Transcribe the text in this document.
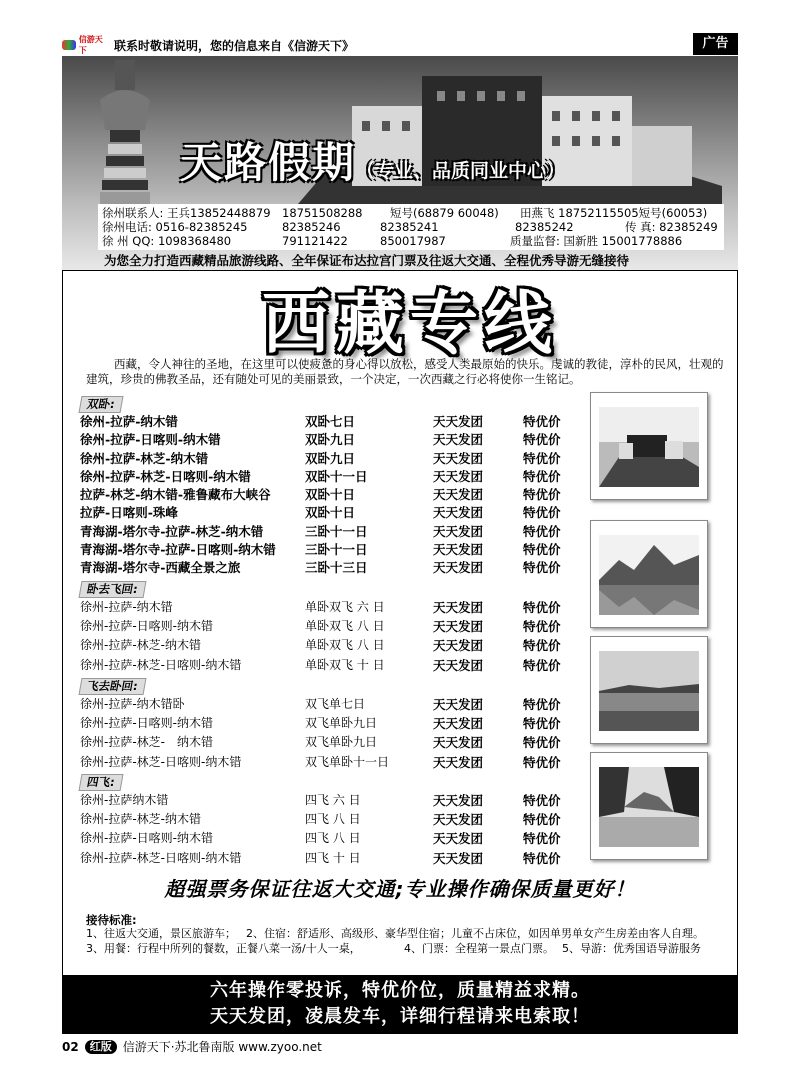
信游天下	联系时敬请说明，您的信息来自《信游天下》	广告
天路假期（专业、品质同业中心）
徐州联系人: 王兵13852448879 18751508288	短号(68879 60048)	田燕飞 18752115505短号(60053)
徐州电话: 0516-82385245	82385246	82385241	82385242	传 真: 82385249
徐 州 QQ: 1098368480	791121422	850017987	质量监督: 国新胜 15001778886
为您全力打造西藏精品旅游线路、全年保证布达拉宫门票及往返大交通、全程优秀导游无缝接待
西藏专线
西藏，令人神往的圣地，在这里可以使疲惫的身心得以放松，感受人类最原始的快乐。虔诚的教徒，淳朴的民风，壮观的建筑，珍贵的佛教圣品，还有随处可见的美丽景致，一个决定，一次西藏之行必将使你一生铭记。
双卧:
徐州-拉萨-纳木错	双卧七日	天天发团	特优价
徐州-拉萨-日喀则-纳木错	双卧九日	天天发团	特优价
徐州-拉萨-林芝-纳木错	双卧九日	天天发团	特优价
徐州-拉萨-林芝-日喀则-纳木错	双卧十一日	天天发团	特优价
拉萨-林芝-纳木错-雅鲁藏布大峡谷	双卧十日	天天发团	特优价
拉萨-日喀则-珠峰	双卧十日	天天发团	特优价
青海湖-塔尔寺-拉萨-林芝-纳木错	三卧十一日	天天发团	特优价
青海湖-塔尔寺-拉萨-日喀则-纳木错	三卧十一日	天天发团	特优价
青海湖-塔尔寺-西藏全景之旅	三卧十三日	天天发团	特优价
卧去飞回:
徐州-拉萨-纳木错	单卧双飞 六 日	天天发团	特优价
徐州-拉萨-日喀则-纳木错	单卧双飞 八 日	天天发团	特优价
徐州-拉萨-林芝-纳木错	单卧双飞 八 日	天天发团	特优价
徐州-拉萨-林芝-日喀则-纳木错	单卧双飞 十 日	天天发团	特优价
飞去卧回:
徐州-拉萨-纳木错卧	双飞单七日	天天发团	特优价
徐州-拉萨-日喀则-纳木错	双飞单卧九日	天天发团	特优价
徐州-拉萨-林芝-　纳木错	双飞单卧九日	天天发团	特优价
徐州-拉萨-林芝-日喀则-纳木错	双飞单卧十一日	天天发团	特优价
四飞:
徐州-拉萨纳木错	四飞 六 日	天天发团	特优价
徐州-拉萨-林芝-纳木错	四飞 八 日	天天发团	特优价
徐州-拉萨-日喀则-纳木错	四飞 八 日	天天发团	特优价
徐州-拉萨-林芝-日喀则-纳木错	四飞 十 日	天天发团	特优价
超强票务保证往返大交通;专业操作确保质量更好！
接待标准:
1、往返大交通，景区旅游车； 2、住宿：舒适形、高级形、豪华型住宿；儿童不占床位，如因单男单女产生房差由客人自理。
3、用餐：行程中所列的餐数，正餐八菜一汤/十人一桌，	4、门票：全程第一景点门票。 5、导游：优秀国语导游服务
六年操作零投诉，特优价位，质量精益求精。
天天发团，凌晨发车，详细行程请来电索取！
02	红版 信游天下·苏北鲁南版 www.zyoo.net
